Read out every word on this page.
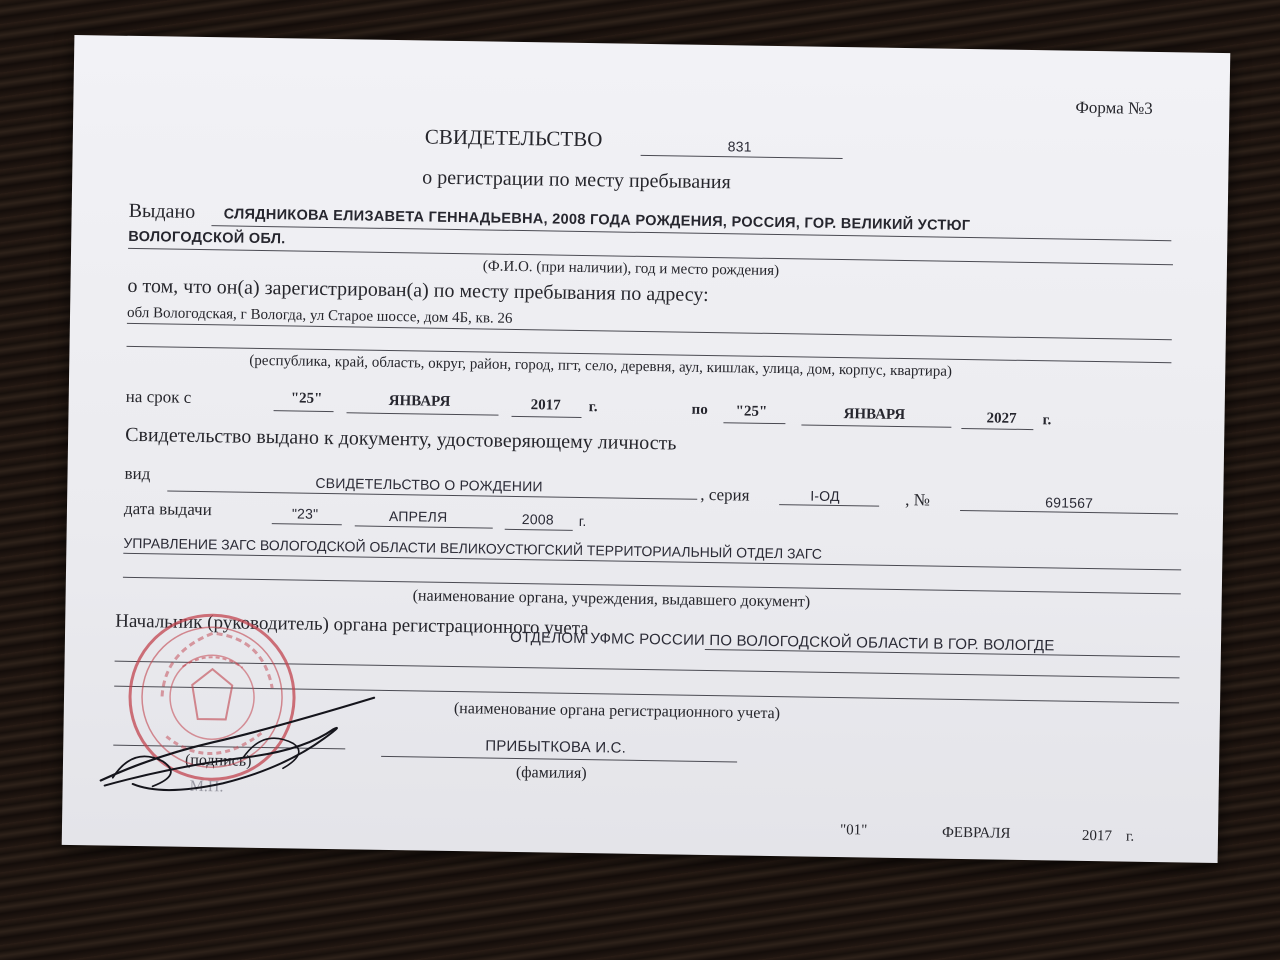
Форма №3
СВИДЕТЕЛЬСТВО	831
о регистрации по месту пребывания
Выдано СЛЯДНИКОВА ЕЛИЗАВЕТА ГЕННАДЬЕВНА, 2008 ГОДА РОЖДЕНИЯ, РОССИЯ, ГОР. ВЕЛИКИЙ УСТЮГ
ВОЛОГОДСКОЙ ОБЛ.
(Ф.И.О. (при наличии), год и место рождения)
о том, что он(а) зарегистрирован(а) по месту пребывания по адресу:
обл Вологодская, г Вологда, ул Старое шоссе, дом 4Б, кв. 26
(республика, край, область, округ, район, город, пгт, село, деревня, аул, кишлак, улица, дом, корпус, квартира)
на срок с	"25"	ЯНВАРЯ	2017 г.	по "25"	ЯНВАРЯ	2027 г.
Свидетельство выдано к документу, удостоверяющему личность
вид
СВИДЕТЕЛЬСТВО О РОЖДЕНИИ
, серия	I-ОД	, №	691567
дата выдачи	"23"	АПРЕЛЯ	2008 г.
УПРАВЛЕНИЕ ЗАГС ВОЛОГОДСКОЙ ОБЛАСТИ ВЕЛИКОУСТЮГСКИЙ ТЕРРИТОРИАЛЬНЫЙ ОТДЕЛ ЗАГС
(наименование органа, учреждения, выдавшего документ)
Начальник (руководитель) органа регистрационного учета
ОТДЕЛОМ УФМС РОССИИ ПО ВОЛОГОДСКОЙ ОБЛАСТИ В ГОР. ВОЛОГДЕ
(наименование органа регистрационного учета)
(подпись)
М.П.
ПРИБЫТКОВА И.С.
(фамилия)
"01"	ФЕВРАЛЯ	2017 г.
